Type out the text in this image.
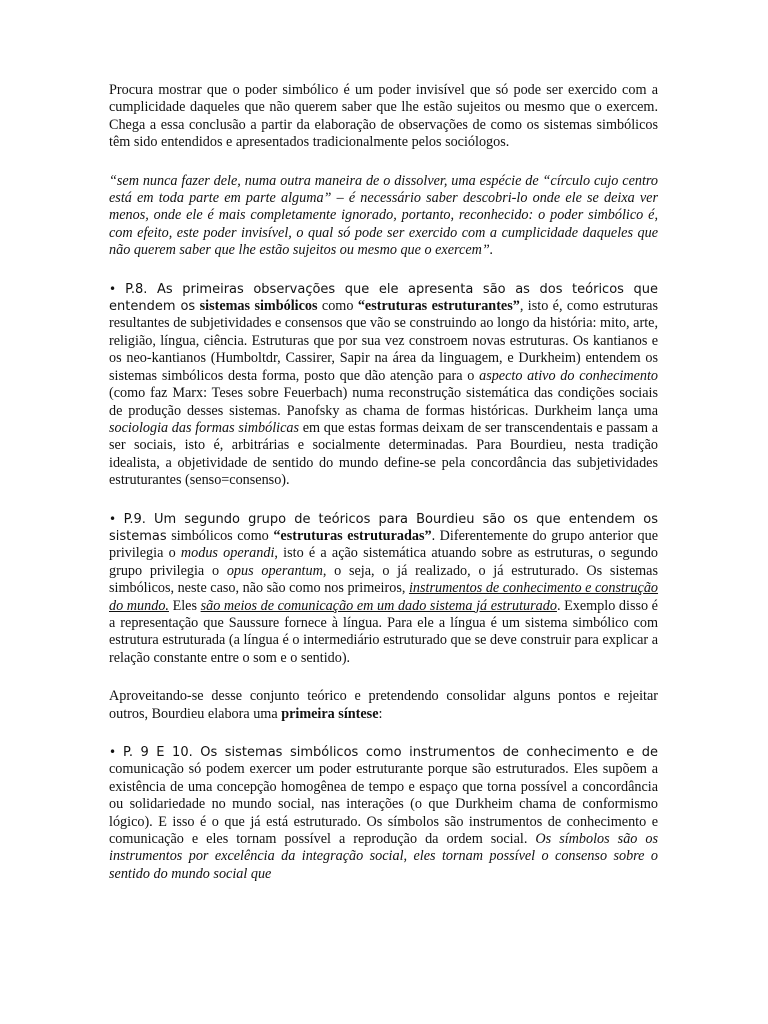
Procura mostrar que o poder simbólico é um poder invisível que só pode ser exercido com a cumplicidade daqueles que não querem saber que lhe estão sujeitos ou mesmo que o exercem. Chega a essa conclusão a partir da elaboração de observações de como os sistemas simbólicos têm sido entendidos e apresentados tradicionalmente pelos sociólogos.

“sem nunca fazer dele, numa outra maneira de o dissolver, uma espécie de “círculo cujo centro está em toda parte em parte alguma” – é necessário saber descobri-lo onde ele se deixa ver menos, onde ele é mais completamente ignorado, portanto, reconhecido: o poder simbólico é, com efeito, este poder invisível, o qual só pode ser exercido com a cumplicidade daqueles que não querem saber que lhe estão sujeitos ou mesmo que o exercem”.

• P.8. As primeiras observações que ele apresenta são as dos teóricos que entendem os sistemas simbólicos como “estruturas estruturantes”, isto é, como estruturas resultantes de subjetividades e consensos que vão se construindo ao longo da história: mito, arte, religião, língua, ciência. Estruturas que por sua vez constroem novas estruturas. Os kantianos e os neo-kantianos (Humboltdr, Cassirer, Sapir na área da linguagem, e Durkheim) entendem os sistemas simbólicos desta forma, posto que dão atenção para o aspecto ativo do conhecimento (como faz Marx: Teses sobre Feuerbach) numa reconstrução sistemática das condições sociais de produção desses sistemas. Panofsky as chama de formas históricas. Durkheim lança uma sociologia das formas simbólicas em que estas formas deixam de ser transcendentais e passam a ser sociais, isto é, arbitrárias e socialmente determinadas. Para Bourdieu, nesta tradição idealista, a objetividade de sentido do mundo define-se pela concordância das subjetividades estruturantes (senso=consenso).

• P.9. Um segundo grupo de teóricos para Bourdieu são os que entendem os sistemas simbólicos como “estruturas estruturadas”. Diferentemente do grupo anterior que privilegia o modus operandi, isto é a ação sistemática atuando sobre as estruturas, o segundo grupo privilegia o opus operantum, o seja, o já realizado, o já estruturado. Os sistemas simbólicos, neste caso, não são como nos primeiros, instrumentos de conhecimento e construção do mundo. Eles são meios de comunicação em um dado sistema já estruturado. Exemplo disso é a representação que Saussure fornece à língua. Para ele a língua é um sistema simbólico com estrutura estruturada (a língua é o intermediário estruturado que se deve construir para explicar a relação constante entre o som e o sentido).

Aproveitando-se desse conjunto teórico e pretendendo consolidar alguns pontos e rejeitar outros, Bourdieu elabora uma primeira síntese:

• P. 9 E 10. Os sistemas simbólicos como instrumentos de conhecimento e de comunicação só podem exercer um poder estruturante porque são estruturados. Eles supõem a existência de uma concepção homogênea de tempo e espaço que torna possível a concordância ou solidariedade no mundo social, nas interações (o que Durkheim chama de conformismo lógico). E isso é o que já está estruturado. Os símbolos são instrumentos de conhecimento e comunicação e eles tornam possível a reprodução da ordem social. Os símbolos são os instrumentos por excelência da integração social, eles tornam possível o consenso sobre o sentido do mundo social que
